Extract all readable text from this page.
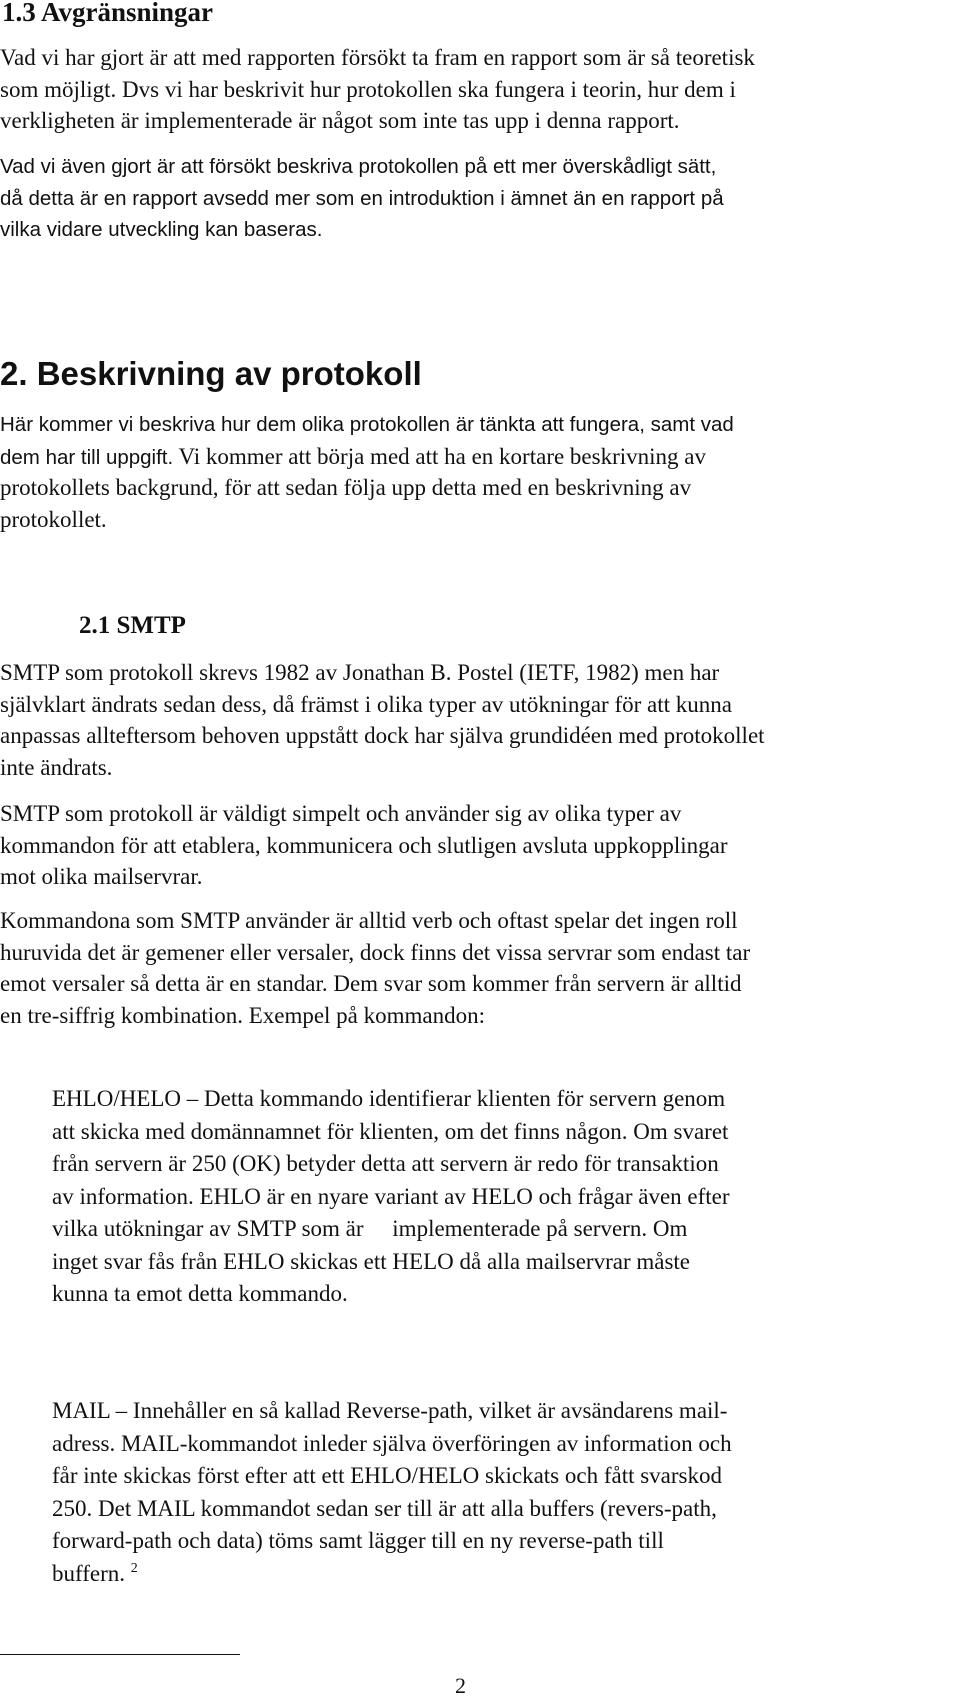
1.3 Avgränsningar
Vad vi har gjort är att med rapporten försökt ta fram en rapport som är så teoretisk
som möjligt. Dvs vi har beskrivit hur protokollen ska fungera i teorin, hur dem i
verkligheten är implementerade är något som inte tas upp i denna rapport.
Vad vi även gjort är att försökt beskriva protokollen på ett mer överskådligt sätt,
då detta är en rapport avsedd mer som en introduktion i ämnet än en rapport på
vilka vidare utveckling kan baseras.
2. Beskrivning av protokoll
Här kommer vi beskriva hur dem olika protokollen är tänkta att fungera, samt vad
dem har till uppgift. Vi kommer att börja med att ha en kortare beskrivning av
protokollets backgrund, för att sedan följa upp detta med en beskrivning av
protokollet.
2.1 SMTP
SMTP som protokoll skrevs 1982 av Jonathan B. Postel (IETF, 1982) men har
självklart ändrats sedan dess, då främst i olika typer av utökningar för att kunna
anpassas allteftersom behoven uppstått dock har själva grundidéen med protokollet
inte ändrats.
SMTP som protokoll är väldigt simpelt och använder sig av olika typer av
kommandon för att etablera, kommunicera och slutligen avsluta uppkopplingar
mot olika mailservrar.
Kommandona som SMTP använder är alltid verb och oftast spelar det ingen roll
huruvida det är gemener eller versaler, dock finns det vissa servrar som endast tar
emot versaler så detta är en standar. Dem svar som kommer från servern är alltid
en tre-siffrig kombination. Exempel på kommandon:
EHLO/HELO – Detta kommando identifierar klienten för servern genom
att skicka med domännamnet för klienten, om det finns någon. Om svaret
från servern är 250 (OK) betyder detta att servern är redo för transaktion
av information. EHLO är en nyare variant av HELO och frågar även efter
vilka utökningar av SMTP som är     implementerade på servern. Om
inget svar fås från EHLO skickas ett HELO då alla mailservrar måste
kunna ta emot detta kommando.
MAIL – Innehåller en så kallad Reverse-path, vilket är avsändarens mail-
adress. MAIL-kommandot inleder själva överföringen av information och
får inte skickas först efter att ett EHLO/HELO skickats och fått svarskod
250. Det MAIL kommandot sedan ser till är att alla buffers (revers-path,
forward-path och data) töms samt lägger till en ny reverse-path till
buffern. $^2$
2
